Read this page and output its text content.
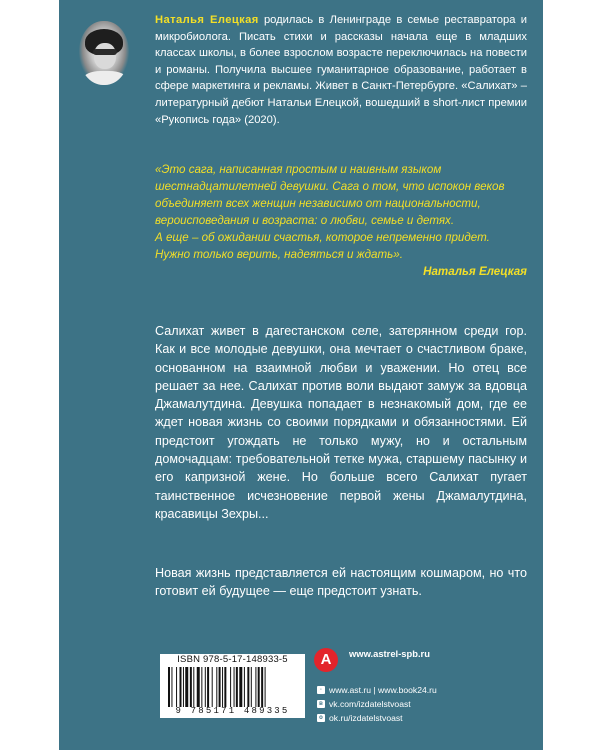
Наталья Елецкая родилась в Ленинграде в семье реставратора и микробиолога. Писать стихи и рассказы начала еще в младших классах школы, в более взрослом возрасте переключилась на повести и романы. Получила высшее гуманитарное образование, работает в сфере маркетинга и рекламы. Живет в Санкт-Петербурге. «Салихат» – литературный дебют Натальи Елецкой, вошедший в short-лист премии «Рукопись года» (2020).

«Это сага, написанная простым и наивным языком шестнадцатилетней девушки. Сага о том, что испокон веков объединяет всех женщин независимо от национальности, вероисповедания и возраста: о любви, семье и детях.

А еще – об ожидании счастья, которое непременно придет. Нужно только верить, надеяться и ждать».

Наталья Елецкая

Салихат живет в дагестанском селе, затерянном среди гор. Как и все молодые девушки, она мечтает о счастливом браке, основанном на взаимной любви и уважении. Но отец все решает за нее. Салихат против воли выдают замуж за вдовца Джамалутдина. Девушка попадает в незнакомый дом, где ее ждет новая жизнь со своими порядками и обязанностями. Ей предстоит угождать не только мужу, но и остальным домочадцам: требовательной тетке мужа, старшему пасынку и его капризной жене. Но больше всего Салихат пугает таинственное исчезновение первой жены Джамалутдина, красавицы Зехры...

Новая жизнь представляется ей настоящим кошмаром, но что готовит ей будущее — еще предстоит узнать.

ISBN 978-5-17-148933-5
9 785171 489335
A	www.astrel-spb.ru
◦ www.ast.ru | www.book24.ru
в vk.com/izdatelstvoast
о ok.ru/izdatelstvoast
